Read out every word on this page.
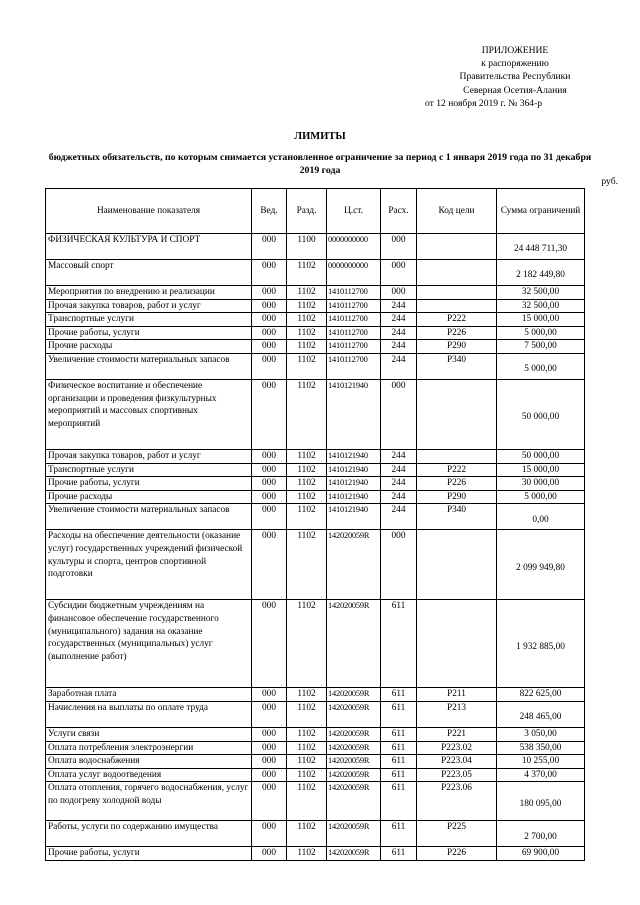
ПРИЛОЖЕНИЕ
к распоряжению
Правительства Республики
Северная Осетия-Алания
от 12 ноября 2019 г. № 364-р
ЛИМИТЫ
бюджетных обязательств, по которым снимается установленное ограничение за период с 1 января 2019 года по 31 декабря 2019 года
руб.
Наименование показателя	Вед.	Разд.	Ц.ст.	Расх.	Код цели	Сумма ограничений
ФИЗИЧЕСКАЯ КУЛЬТУРА И СПОРТ	000	1100	0000000000	000		24 448 711,30
Массовый спорт	000	1102	0000000000	000		2 182 449,80
Мероприятия по внедрению и реализации	000	1102	1410112700	000		32 500,00
Прочая закупка товаров, работ и услуг	000	1102	1410112700	244		32 500,00
Транспортные услуги	000	1102	1410112700	244	P222	15 000,00
Прочие работы, услуги	000	1102	1410112700	244	P226	5 000,00
Прочие расходы	000	1102	1410112700	244	P290	7 500,00
Увеличение стоимости материальных запасов	000	1102	1410112700	244	P340	5 000,00
Физическое воспитание и обеспечение организации и проведения физкультурных мероприятий и массовых спортивных мероприятий	000	1102	1410121940	000		50 000,00
Прочая закупка товаров, работ и услуг	000	1102	1410121940	244		50 000,00
Транспортные услуги	000	1102	1410121940	244	P222	15 000,00
Прочие работы, услуги	000	1102	1410121940	244	P226	30 000,00
Прочие расходы	000	1102	1410121940	244	P290	5 000,00
Увеличение стоимости материальных запасов	000	1102	1410121940	244	P340	0,00
Расходы на обеспечение деятельности (оказание услуг) государственных учреждений физической культуры и спорта, центров спортивной подготовки	000	1102	142020059R	000		2 099 949,80
Субсидии бюджетным учреждениям на финансовое обеспечение государственного (муниципального) задания на оказание государственных (муниципальных) услуг (выполнение работ)	000	1102	142020059R	611		1 932 885,00
Заработная плата	000	1102	142020059R	611	P211	822 625,00
Начисления на выплаты по оплате труда	000	1102	142020059R	611	P213	248 465,00
Услуги связи	000	1102	142020059R	611	P221	3 050,00
Оплата потребления электроэнергии	000	1102	142020059R	611	P223.02	538 350,00
Оплата водоснабжения	000	1102	142020059R	611	P223.04	10 255,00
Оплата услуг водоотведения	000	1102	142020059R	611	P223.05	4 370,00
Оплата отопления, горячего водоснабжения, услуг по подогреву холодной воды	000	1102	142020059R	611	P223.06	180 095,00
Работы, услуги по содержанию имущества	000	1102	142020059R	611	P225	2 700,00
Прочие работы, услуги	000	1102	142020059R	611	P226	69 900,00
